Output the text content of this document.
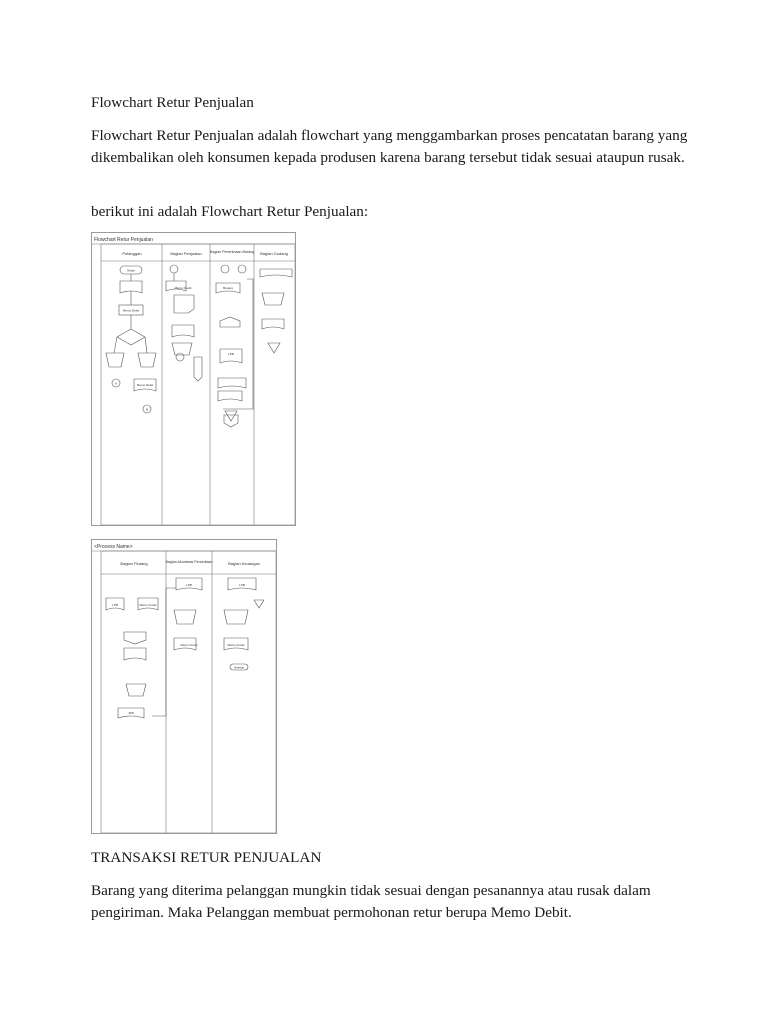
Flowchart Retur Penjualan

Flowchart Retur Penjualan adalah flowchart yang menggambarkan proses pencatatan barang yang dikembalikan oleh konsumen kepada produsen karena barang tersebut tidak sesuai ataupun rusak.

berikut ini adalah Flowchart Retur Penjualan:

Flowchart Retur Penjualan
Pelanggan	Bagian Penjualan Bagian Penerimaan Barang Bagian Gudang
Mulai
Memo Debit
Memo Kredit
Memo Debit
A
B
Barang
LPB
<Process Name>
Bagian Piutang	Bagian Akuntansi Persediaan	Bagian Keuangan
LPB	Memo Kredit
LPB
Memo Kredit
LPB
Memo Kredit
Selesai
JPR

TRANSAKSI RETUR PENJUALAN

Barang yang diterima pelanggan mungkin tidak sesuai dengan pesanannya atau rusak dalam pengiriman. Maka Pelanggan membuat permohonan retur berupa Memo Debit.
